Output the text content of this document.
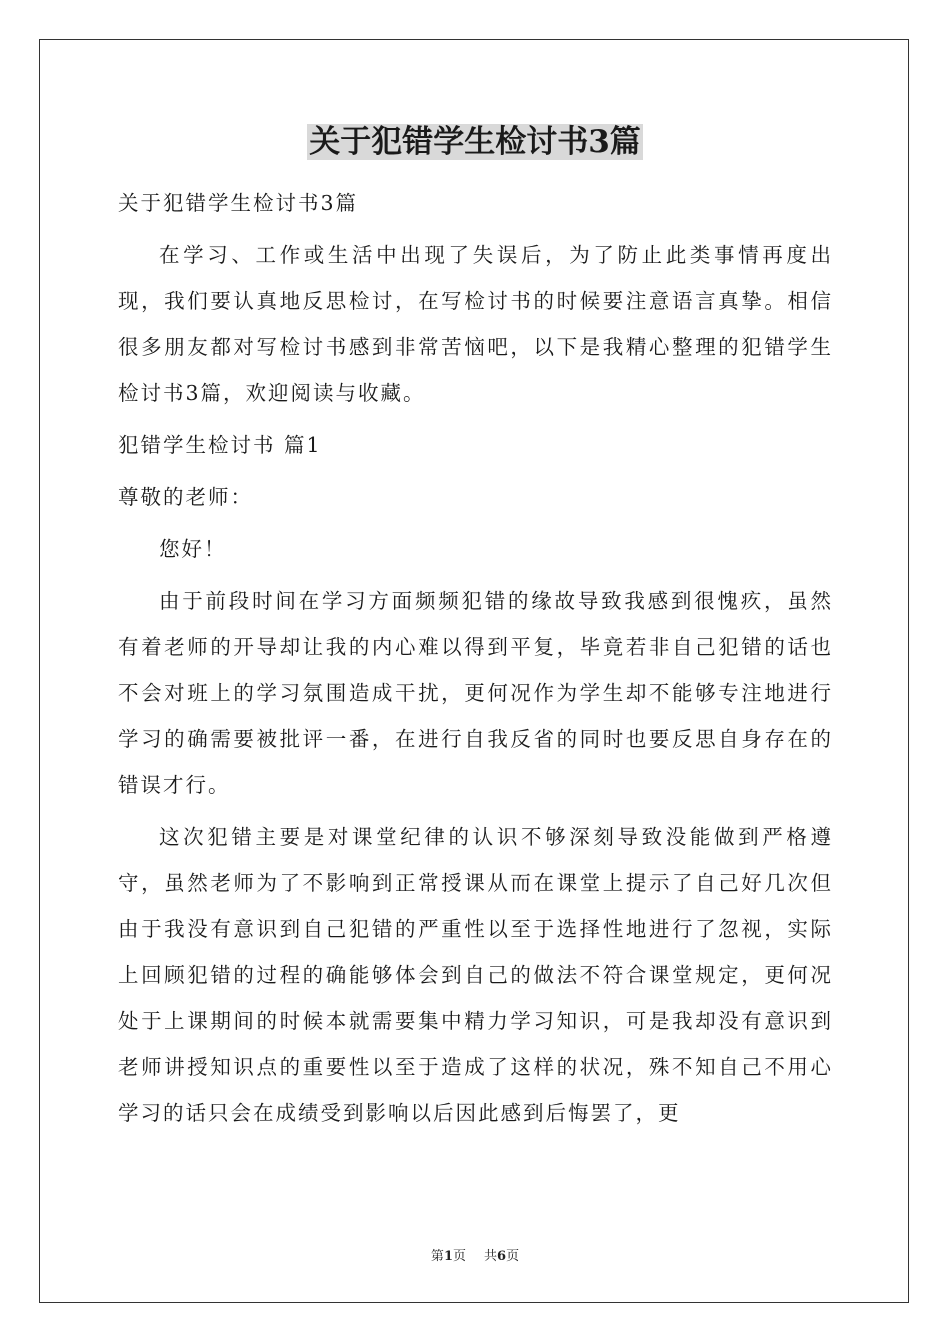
关于犯错学生检讨书3篇

关于犯错学生检讨书3篇

在学习、工作或生活中出现了失误后，为了防止此类事情再度出现，我们要认真地反思检讨，在写检讨书的时候要注意语言真挚。相信很多朋友都对写检讨书感到非常苦恼吧，以下是我精心整理的犯错学生检讨书3篇，欢迎阅读与收藏。

犯错学生检讨书 篇1

尊敬的老师：

您好！

由于前段时间在学习方面频频犯错的缘故导致我感到很愧疚，虽然有着老师的开导却让我的内心难以得到平复，毕竟若非自己犯错的话也不会对班上的学习氛围造成干扰，更何况作为学生却不能够专注地进行学习的确需要被批评一番，在进行自我反省的同时也要反思自身存在的错误才行。

这次犯错主要是对课堂纪律的认识不够深刻导致没能做到严格遵守，虽然老师为了不影响到正常授课从而在课堂上提示了自己好几次但由于我没有意识到自己犯错的严重性以至于选择性地进行了忽视，实际上回顾犯错的过程的确能够体会到自己的做法不符合课堂规定，更何况处于上课期间的时候本就需要集中精力学习知识，可是我却没有意识到老师讲授知识点的重要性以至于造成了这样的状况，殊不知自己不用心学习的话只会在成绩受到影响以后因此感到后悔罢了，更

第1页 共6页
